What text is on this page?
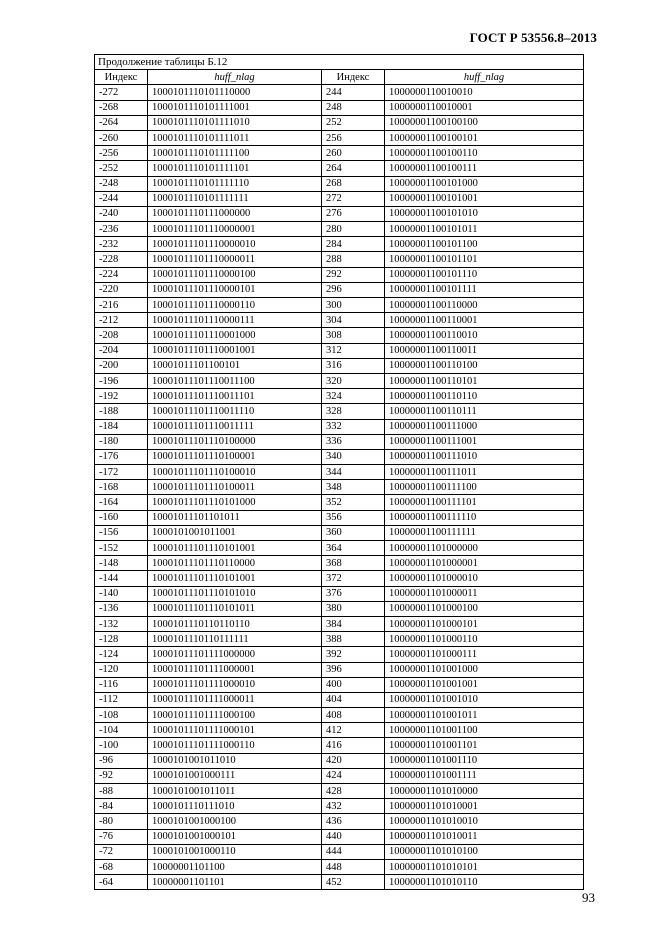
ГОСТ Р 53556.8–2013
Продолжение таблицы Б.12			
Индекс	huff_nlag	Индекс	huff_nlag
-272	1000101110101110000	244	1000000110010010
-268	1000101110101111001	248	1000000110010001
-264	1000101110101111010	252	10000001100100100
-260	1000101110101111011	256	10000001100100101
-256	1000101110101111100	260	10000001100100110
-252	1000101110101111101	264	10000001100100111
-248	1000101110101111110	268	10000001100101000
-244	1000101110101111111	272	10000001100101001
-240	1000101110111000000	276	10000001100101010
-236	10001011101110000001	280	10000001100101011
-232	10001011101110000010	284	10000001100101100
-228	10001011101110000011	288	10000001100101101
-224	10001011101110000100	292	10000001100101110
-220	10001011101110000101	296	10000001100101111
-216	10001011101110000110	300	10000001100110000
-212	10001011101110000111	304	10000001100110001
-208	10001011101110001000	308	10000001100110010
-204	10001011101110001001	312	10000001100110011
-200	10001011101100101	316	10000001100110100
-196	10001011101110011100	320	10000001100110101
-192	10001011101110011101	324	10000001100110110
-188	10001011101110011110	328	10000001100110111
-184	10001011101110011111	332	10000001100111000
-180	10001011101110100000	336	10000001100111001
-176	10001011101110100001	340	10000001100111010
-172	10001011101110100010	344	10000001100111011
-168	10001011101110100011	348	10000001100111100
-164	10001011101110101000	352	10000001100111101
-160	10001011101101011	356	10000001100111110
-156	1000101001011001	360	10000001100111111
-152	10001011101110101001	364	10000001101000000
-148	10001011101110110000	368	10000001101000001
-144	10001011101110101001	372	10000001101000010
-140	10001011101110101010	376	10000001101000011
-136	10001011101110101011	380	10000001101000100
-132	1000101110110110110	384	10000001101000101
-128	1000101110110111111	388	10000001101000110
-124	10001011101111000000	392	10000001101000111
-120	10001011101111000001	396	10000001101001000
-116	10001011101111000010	400	10000001101001001
-112	10001011101111000011	404	10000001101001010
-108	10001011101111000100	408	10000001101001011
-104	10001011101111000101	412	10000001101001100
-100	10001011101111000110	416	10000001101001101
-96	1000101001011010	420	10000001101001110
-92	1000101001000111	424	10000001101001111
-88	1000101001011011	428	10000001101010000
-84	1000101110111010	432	10000001101010001
-80	1000101001000100	436	10000001101010010
-76	1000101001000101	440	10000001101010011
-72	1000101001000110	444	10000001101010100
-68	10000001101100	448	10000001101010101
-64	10000001101101	452	10000001101010110
93
